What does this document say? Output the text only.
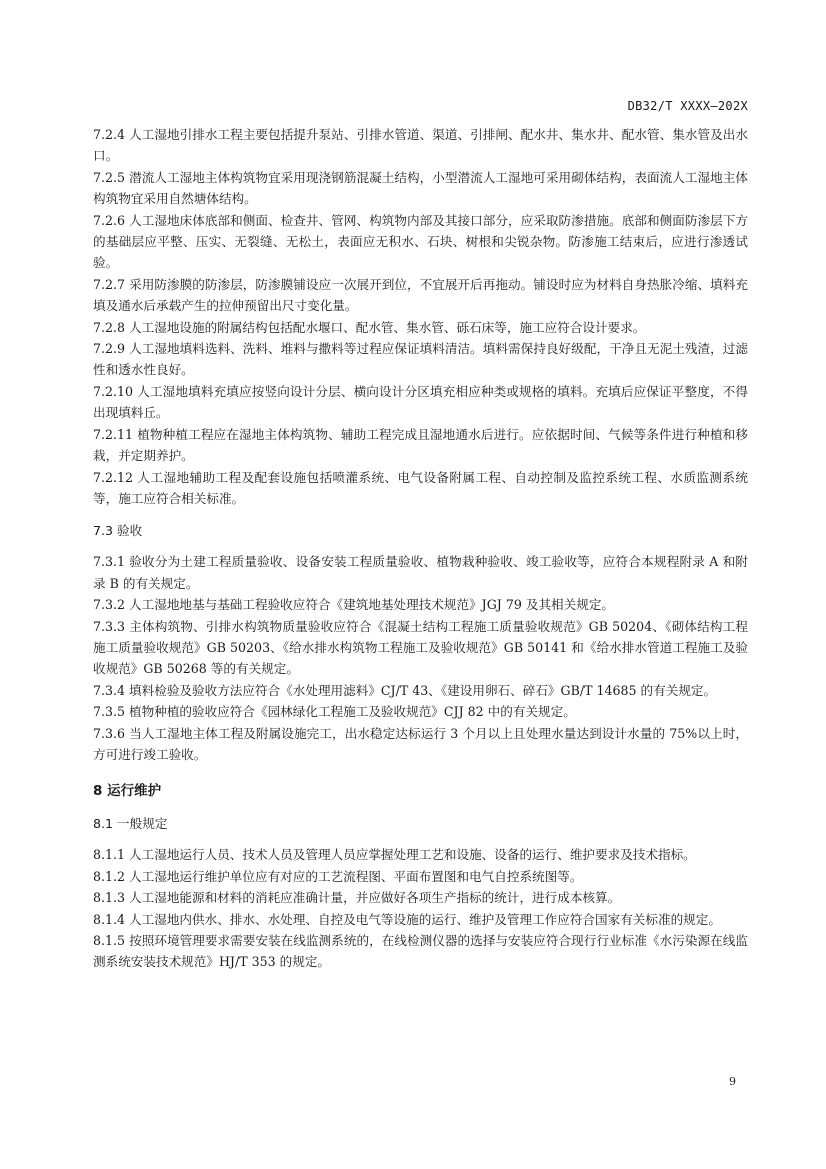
DB32/T XXXX—202X

7.2.4 人工湿地引排水工程主要包括提升泵站、引排水管道、渠道、引排闸、配水井、集水井、配水管、集水管及出水口。

7.2.5 潜流人工湿地主体构筑物宜采用现浇钢筋混凝土结构，小型潜流人工湿地可采用砌体结构，表面流人工湿地主体构筑物宜采用自然塘体结构。

7.2.6 人工湿地床体底部和侧面、检查井、管网、构筑物内部及其接口部分，应采取防渗措施。底部和侧面防渗层下方的基础层应平整、压实、无裂缝、无松土，表面应无积水、石块、树根和尖锐杂物。防渗施工结束后，应进行渗透试验。

7.2.7 采用防渗膜的防渗层，防渗膜铺设应一次展开到位，不宜展开后再拖动。铺设时应为材料自身热胀冷缩、填料充填及通水后承载产生的拉伸预留出尺寸变化量。

7.2.8 人工湿地设施的附属结构包括配水堰口、配水管、集水管、砾石床等，施工应符合设计要求。

7.2.9 人工湿地填料选料、洗料、堆料与撒料等过程应保证填料清洁。填料需保持良好级配，干净且无泥土残渣，过滤性和透水性良好。

7.2.10 人工湿地填料充填应按竖向设计分层、横向设计分区填充相应种类或规格的填料。充填后应保证平整度，不得出现填料丘。

7.2.11 植物种植工程应在湿地主体构筑物、辅助工程完成且湿地通水后进行。应依据时间、气候等条件进行种植和移栽，并定期养护。

7.2.12 人工湿地辅助工程及配套设施包括喷灌系统、电气设备附属工程、自动控制及监控系统工程、水质监测系统等，施工应符合相关标准。

7.3 验收

7.3.1 验收分为土建工程质量验收、设备安装工程质量验收、植物栽种验收、竣工验收等，应符合本规程附录 A 和附录 B 的有关规定。

7.3.2 人工湿地地基与基础工程验收应符合《建筑地基处理技术规范》JGJ 79 及其相关规定。

7.3.3 主体构筑物、引排水构筑物质量验收应符合《混凝土结构工程施工质量验收规范》GB 50204、《砌体结构工程施工质量验收规范》GB 50203、《给水排水构筑物工程施工及验收规范》GB 50141 和《给水排水管道工程施工及验收规范》GB 50268 等的有关规定。

7.3.4 填料检验及验收方法应符合《水处理用滤料》CJ/T 43、《建设用卵石、碎石》GB/T 14685 的有关规定。

7.3.5 植物种植的验收应符合《园林绿化工程施工及验收规范》CJJ 82 中的有关规定。

7.3.6 当人工湿地主体工程及附属设施完工，出水稳定达标运行 3 个月以上且处理水量达到设计水量的 75%以上时，方可进行竣工验收。

8 运行维护
8.1 一般规定

8.1.1 人工湿地运行人员、技术人员及管理人员应掌握处理工艺和设施、设备的运行、维护要求及技术指标。

8.1.2 人工湿地运行维护单位应有对应的工艺流程图、平面布置图和电气自控系统图等。

8.1.3 人工湿地能源和材料的消耗应准确计量，并应做好各项生产指标的统计，进行成本核算。

8.1.4 人工湿地内供水、排水、水处理、自控及电气等设施的运行、维护及管理工作应符合国家有关标准的规定。

8.1.5 按照环境管理要求需要安装在线监测系统的，在线检测仪器的选择与安装应符合现行行业标准《水污染源在线监测系统安装技术规范》HJ/T 353 的规定。

9
